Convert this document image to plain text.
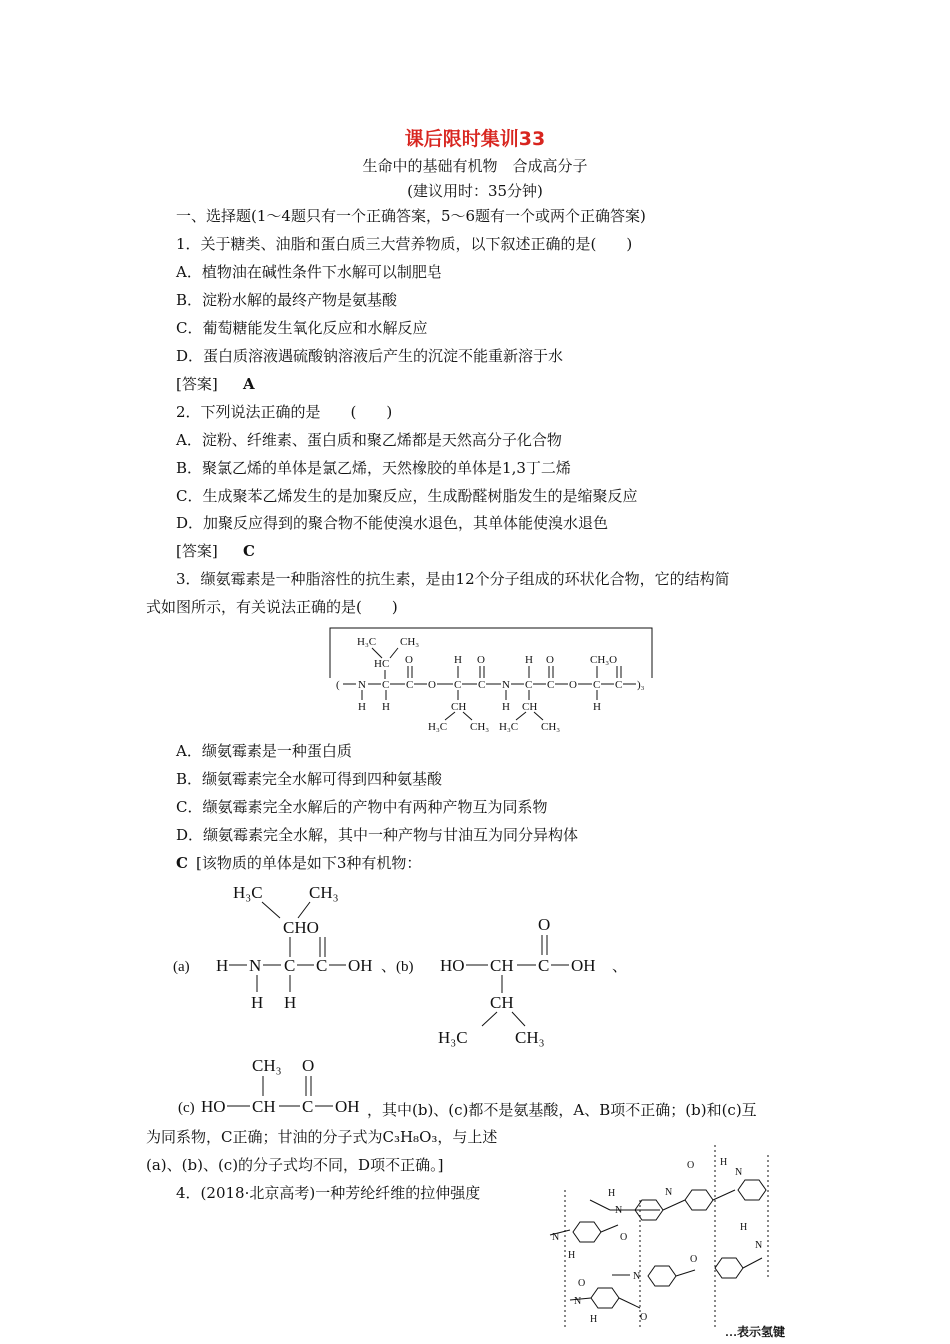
课后限时集训33
生命中的基础有机物　合成高分子
(建议用时：35分钟)
一、选择题(1～4题只有一个正确答案，5～6题有一个或两个正确答案)
1．关于糖类、油脂和蛋白质三大营养物质，以下叙述正确的是(　　)
A．植物油在碱性条件下水解可以制肥皂
B．淀粉水解的最终产物是氨基酸
C．葡萄糖能发生氧化反应和水解反应
D．蛋白质溶液遇硫酸钠溶液后产生的沉淀不能重新溶于水
[答案] A
2．下列说法正确的是　　(　　)
A．淀粉、纤维素、蛋白质和聚乙烯都是天然高分子化合物
B．聚氯乙烯的单体是氯乙烯，天然橡胶的单体是1,3丁二烯
C．生成聚苯乙烯发生的是加聚反应，生成酚醛树脂发生的是缩聚反应
D．加聚反应得到的聚合物不能使溴水退色，其单体能使溴水退色
[答案] C
3．缬氨霉素是一种脂溶性的抗生素，是由12个分子组成的环状化合物，它的结构简
式如图所示，有关说法正确的是(　　)
H₃C CH₃
HC
( N C C O C C N C C O C C )₃
O	H O	H O	CH₃O
H H	CH
H₃C CH₃
H CH
H₃C CH₃
H
A．缬氨霉素是一种蛋白质
B．缬氨霉素完全水解可得到四种氨基酸
C．缬氨霉素完全水解后的产物中有两种产物互为同系物
D．缬氨霉素完全水解，其中一种产物与甘油互为同分异构体
C [该物质的单体是如下3种有机物：
(a)
H₃C	CH₃
CHO
H N C C OH
H H
、(b) HO CH C OH 、
O
CH
H₃C	CH₃
(c) HO CH C OH
CH₃ O
，其中(b)、(c)都不是氨基酸，A、B项不正确；(b)和(c)互
为同系物，C正确；甘油的分子式为C₃H₈O₃，与上述
(a)、(b)、(c)的分子式均不同，D项不正确。]
4．(2018·北京高考)一种芳纶纤维的拉伸强度
H
N
O
H
N
N
N
H
O
O
N
H
N
N
H	O
O
…表示氢键
